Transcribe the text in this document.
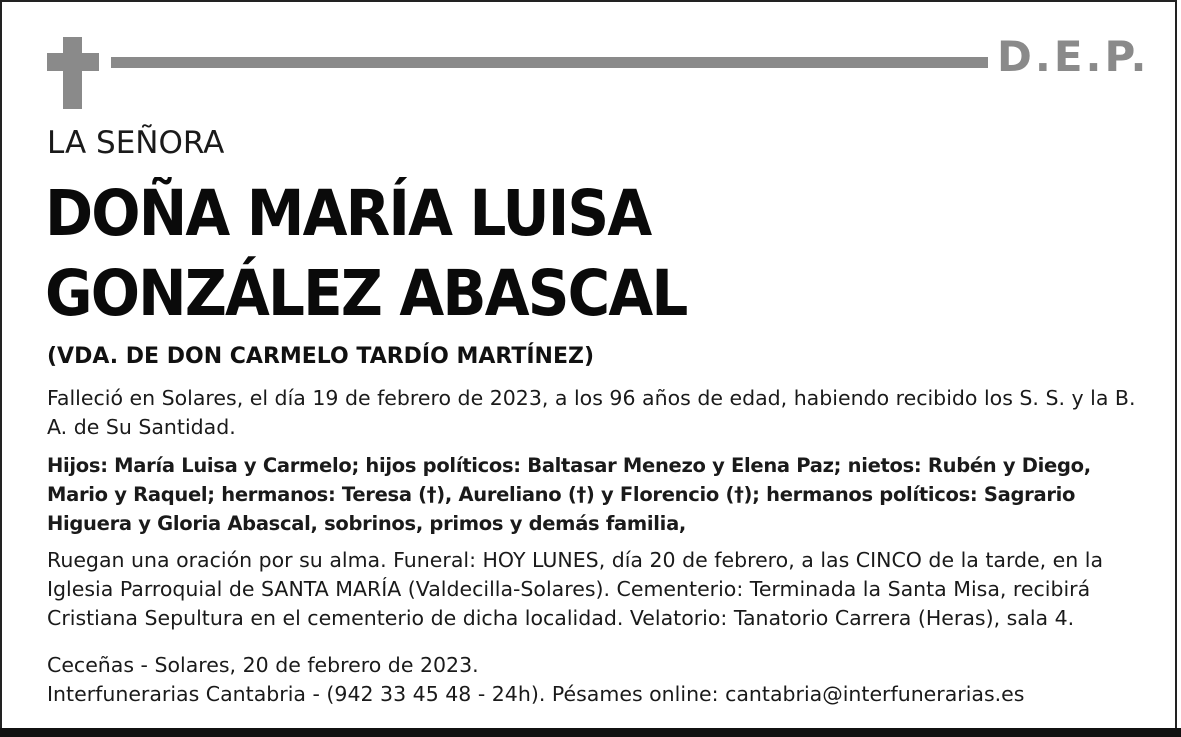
D.E.P.
LA SEÑORA
DOÑA MARÍA LUISA
GONZÁLEZ ABASCAL
(VDA. DE DON CARMELO TARDÍO MARTÍNEZ)

Falleció en Solares, el día 19 de febrero de 2023, a los 96 años de edad, habiendo recibido los S. S. y la B. A. de Su Santidad.

Hijos: María Luisa y Carmelo; hijos políticos: Baltasar Menezo y Elena Paz; nietos: Rubén y Diego, Mario y Raquel; hermanos: Teresa (†), Aureliano (†) y Florencio (†); hermanos políticos: Sagrario Higuera y Gloria Abascal, sobrinos, primos y demás familia,

Ruegan una oración por su alma. Funeral: HOY LUNES, día 20 de febrero, a las CINCO de la tarde, en la Iglesia Parroquial de SANTA MARÍA (Valdecilla-Solares). Cementerio: Terminada la Santa Misa, recibirá Cristiana Sepultura en el cementerio de dicha localidad. Velatorio: Tanatorio Carrera (Heras), sala 4.

Ceceñas - Solares, 20 de febrero de 2023.
Interfunerarias Cantabria - (942 33 45 48 - 24h). Pésames online: cantabria@interfunerarias.es
